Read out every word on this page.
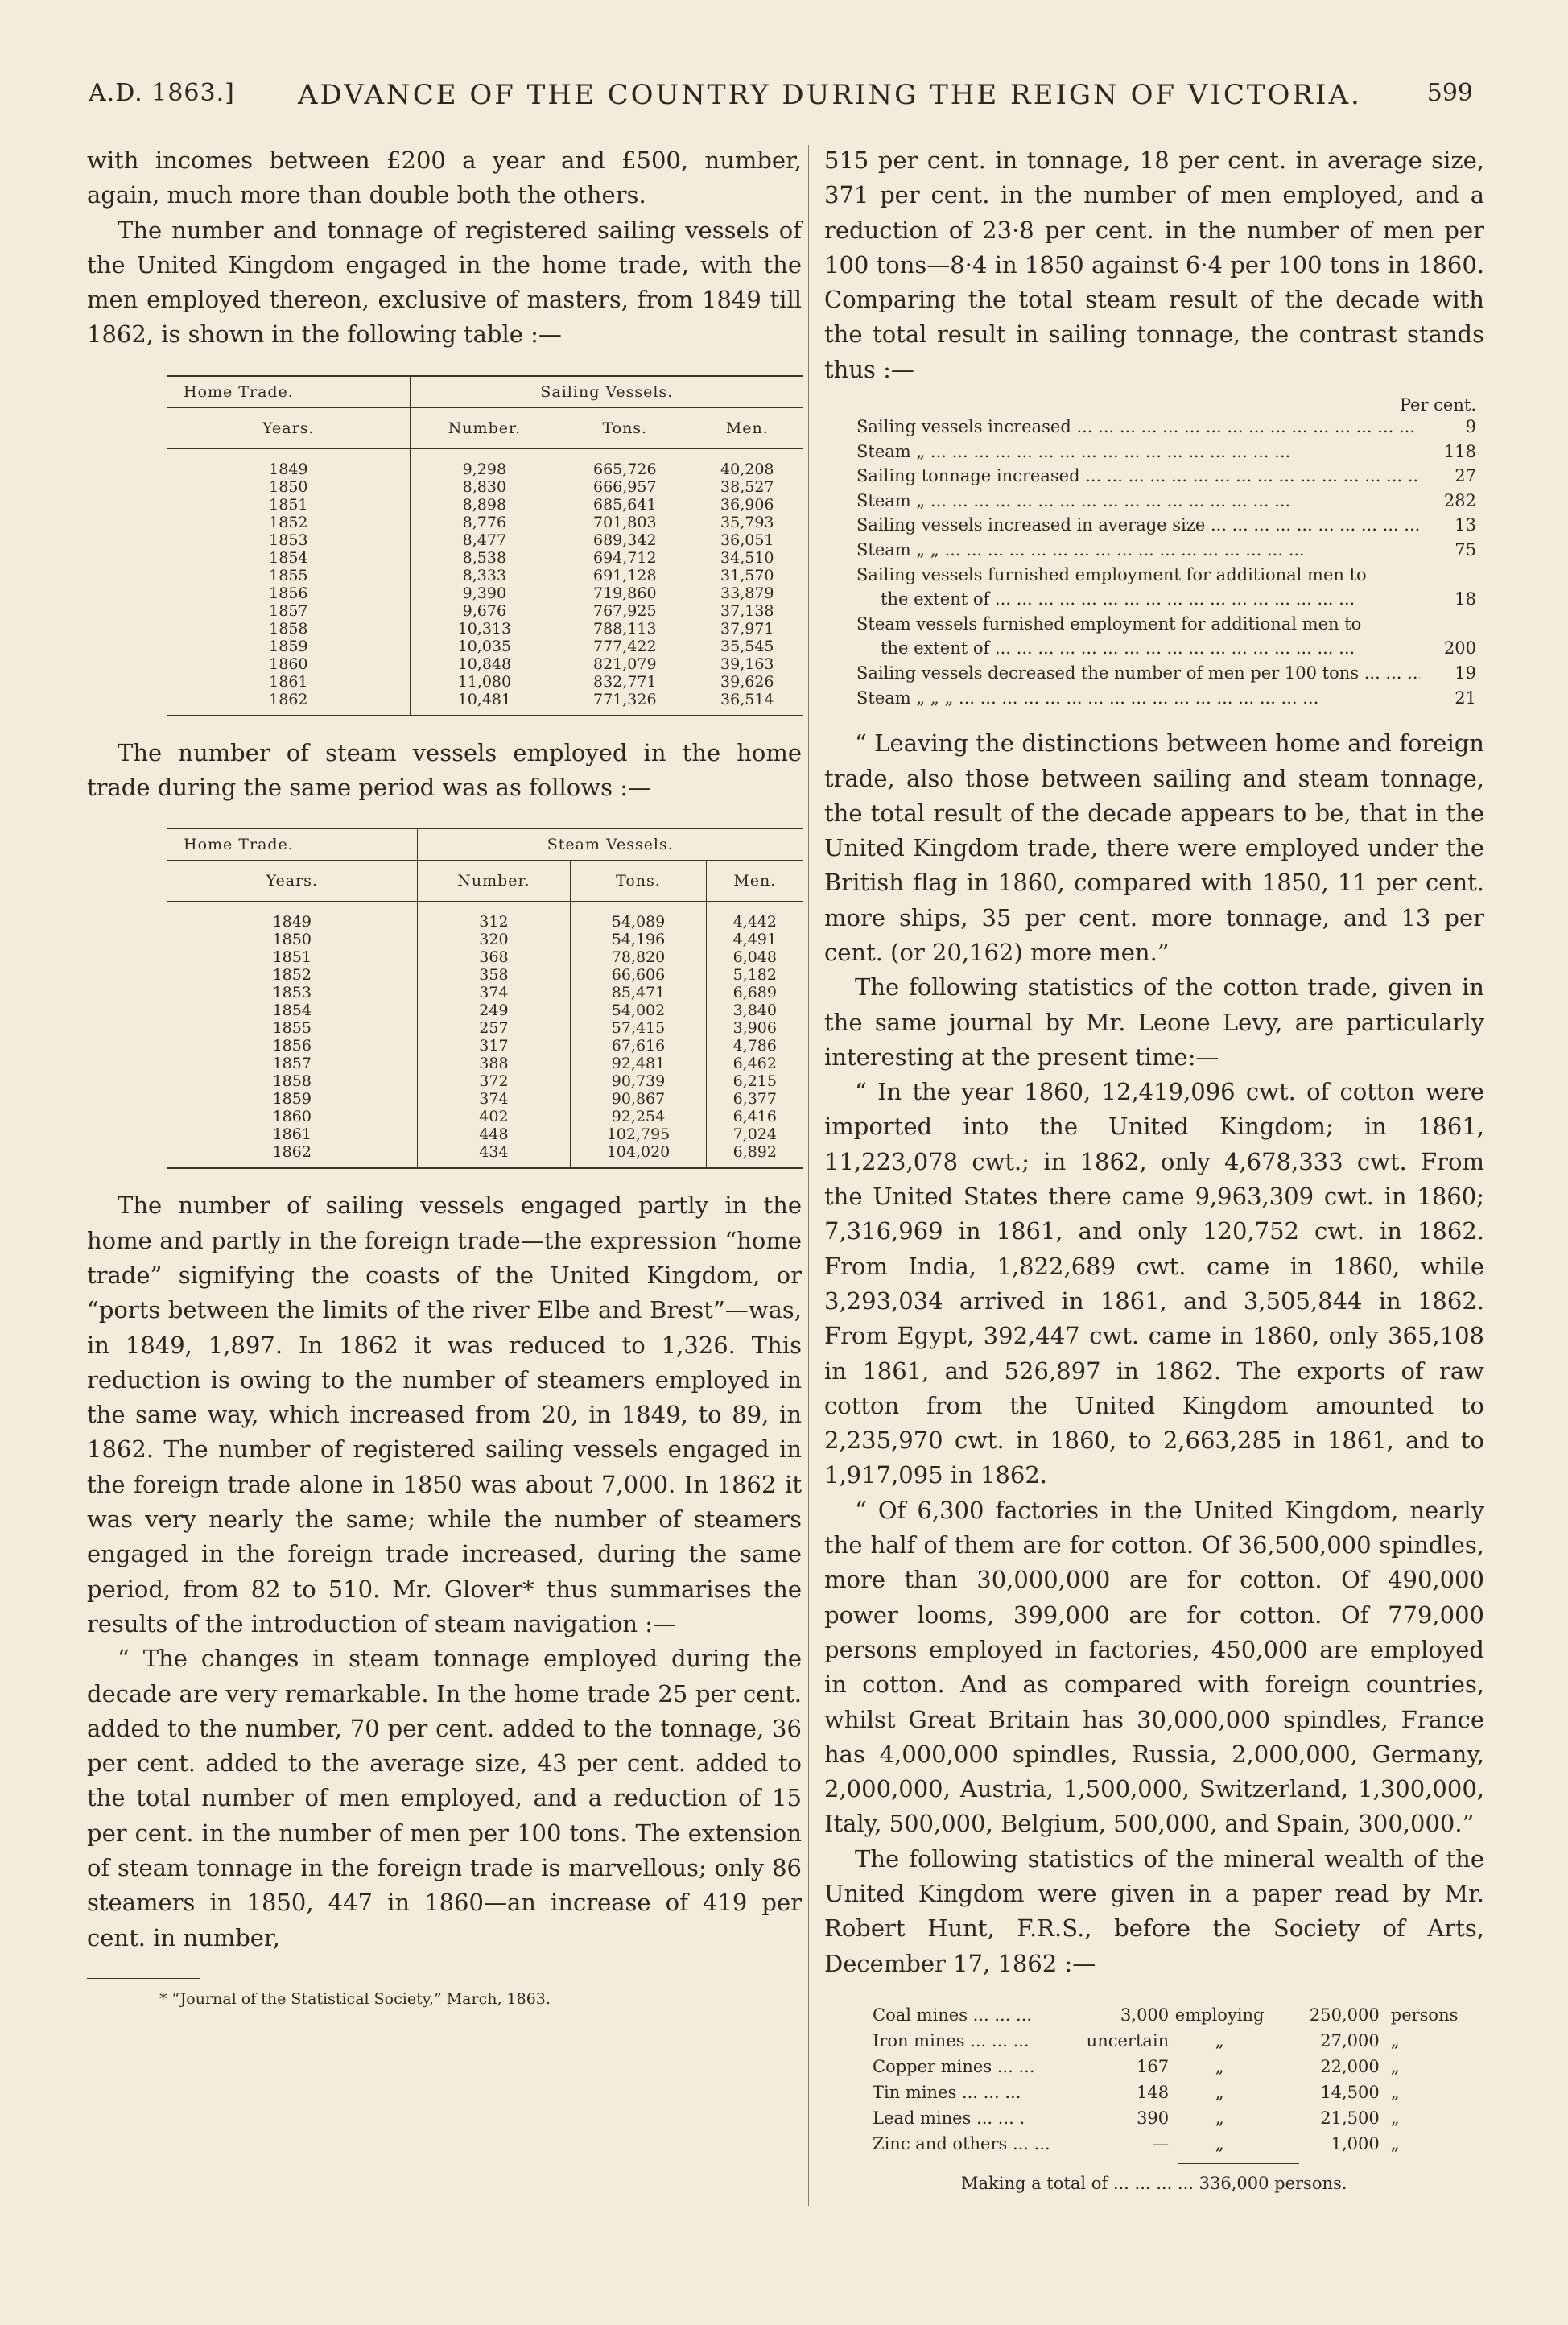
A.D. 1863.] ADVANCE OF THE COUNTRY DURING THE REIGN OF VICTORIA.	599

with incomes between £200 a year and £500, number, again, much more than double both the others.

The number and tonnage of registered sailing vessels of the United Kingdom engaged in the home trade, with the men employed thereon, exclusive of masters, from 1849 till 1862, is shown in the following table :—

Home Trade.	Sailing Vessels.		
Years.	Number.	Tons.	Men.
1849	9,298	665,726	40,208
1850	8,830	666,957	38,527
1851	8,898	685,641	36,906
1852	8,776	701,803	35,793
1853	8,477	689,342	36,051
1854	8,538	694,712	34,510
1855	8,333	691,128	31,570
1856	9,390	719,860	33,879
1857	9,676	767,925	37,138
1858	10,313	788,113	37,971
1859	10,035	777,422	35,545
1860	10,848	821,079	39,163
1861	11,080	832,771	39,626
1862	10,481	771,326	36,514

The number of steam vessels employed in the home trade during the same period was as follows :—

Home Trade.	Steam Vessels.		
Years.	Number.	Tons.	Men.
1849	312	54,089	4,442
1850	320	54,196	4,491
1851	368	78,820	6,048
1852	358	66,606	5,182
1853	374	85,471	6,689
1854	249	54,002	3,840
1855	257	57,415	3,906
1856	317	67,616	4,786
1857	388	92,481	6,462
1858	372	90,739	6,215
1859	374	90,867	6,377
1860	402	92,254	6,416
1861	448	102,795	7,024
1862	434	104,020	6,892

The number of sailing vessels engaged partly in the home and partly in the foreign trade—the expression “home trade” signifying the coasts of the United Kingdom, or “ports between the limits of the river Elbe and Brest”—was, in 1849, 1,897. In 1862 it was reduced to 1,326. This reduction is owing to the number of steamers employed in the same way, which increased from 20, in 1849, to 89, in 1862. The number of registered sailing vessels engaged in the foreign trade alone in 1850 was about 7,000. In 1862 it was very nearly the same; while the number of steamers engaged in the foreign trade increased, during the same period, from 82 to 510. Mr. Glover* thus summarises the results of the introduction of steam navigation :—

“ The changes in steam tonnage employed during the decade are very remarkable. In the home trade 25 per cent. added to the number, 70 per cent. added to the tonnage, 36 per cent. added to the average size, 43 per cent. added to the total number of men employed, and a reduction of 15 per cent. in the number of men per 100 tons. The extension of steam tonnage in the foreign trade is marvellous; only 86 steamers in 1850, 447 in 1860—an increase of 419 per cent. in number,

* “Journal of the Statistical Society,” March, 1863.

515 per cent. in tonnage, 18 per cent. in average size, 371 per cent. in the number of men employed, and a reduction of 23·8 per cent. in the number of men per 100 tons—8·4 in 1850 against 6·4 per 100 tons in 1860. Comparing the total steam result of the decade with the total result in sailing tonnage, the contrast stands thus :—

Per cent.
Sailing vessels increased ... .	9
Steam „ ... .	118
Sailing tonnage increased ... .	27
Steam „ ... .	282
Sailing vessels increased in average size ... .	13
Steam „ „ ... .	75
Sailing vessels furnished employment for additional men to
the extent of ... .	18
Steam vessels furnished employment for additional men to
the extent of ... .	200
Sailing vessels decreased the number of men per 100 tons ... .	19
Steam „ „ „ ... .	21

“ Leaving the distinctions between home and foreign trade, also those between sailing and steam tonnage, the total result of the decade appears to be, that in the United Kingdom trade, there were employed under the British flag in 1860, compared with 1850, 11 per cent. more ships, 35 per cent. more tonnage, and 13 per cent. (or 20,162) more men.”

The following statistics of the cotton trade, given in the same journal by Mr. Leone Levy, are particularly interesting at the present time:—

“ In the year 1860, 12,419,096 cwt. of cotton were imported into the United Kingdom; in 1861, 11,223,078 cwt.; in 1862, only 4,678,333 cwt. From the United States there came 9,963,309 cwt. in 1860; 7,316,969 in 1861, and only 120,752 cwt. in 1862. From India, 1,822,689 cwt. came in 1860, while 3,293,034 arrived in 1861, and 3,505,844 in 1862. From Egypt, 392,447 cwt. came in 1860, only 365,108 in 1861, and 526,897 in 1862. The exports of raw cotton from the United Kingdom amounted to 2,235,970 cwt. in 1860, to 2,663,285 in 1861, and to 1,917,095 in 1862.

“ Of 6,300 factories in the United Kingdom, nearly the half of them are for cotton. Of 36,500,000 spindles, more than 30,000,000 are for cotton. Of 490,000 power looms, 399,000 are for cotton. Of 779,000 persons employed in factories, 450,000 are employed in cotton. And as compared with foreign countries, whilst Great Britain has 30,000,000 spindles, France has 4,000,000 spindles, Russia, 2,000,000, Germany, 2,000,000, Austria, 1,500,000, Switzerland, 1,300,000, Italy, 500,000, Belgium, 500,000, and Spain, 300,000.”

The following statistics of the mineral wealth of the United Kingdom were given in a paper read by Mr. Robert Hunt, F.R.S., before the Society of Arts, December 17, 1862 :—

Coal mines ... ... ...	3,000 employing	250,000 persons
Iron mines ... ... ...	uncertain	„	27,000 „
Copper mines ... ...	167	„	22,000 „
Tin mines ... ... ...	148	„	14,500 „
Lead mines ... ... .	390	„	21,500 „
Zinc and others ... ...	—	„	1,000 „
Making a total of ... ... ... ... 336,000 persons.
